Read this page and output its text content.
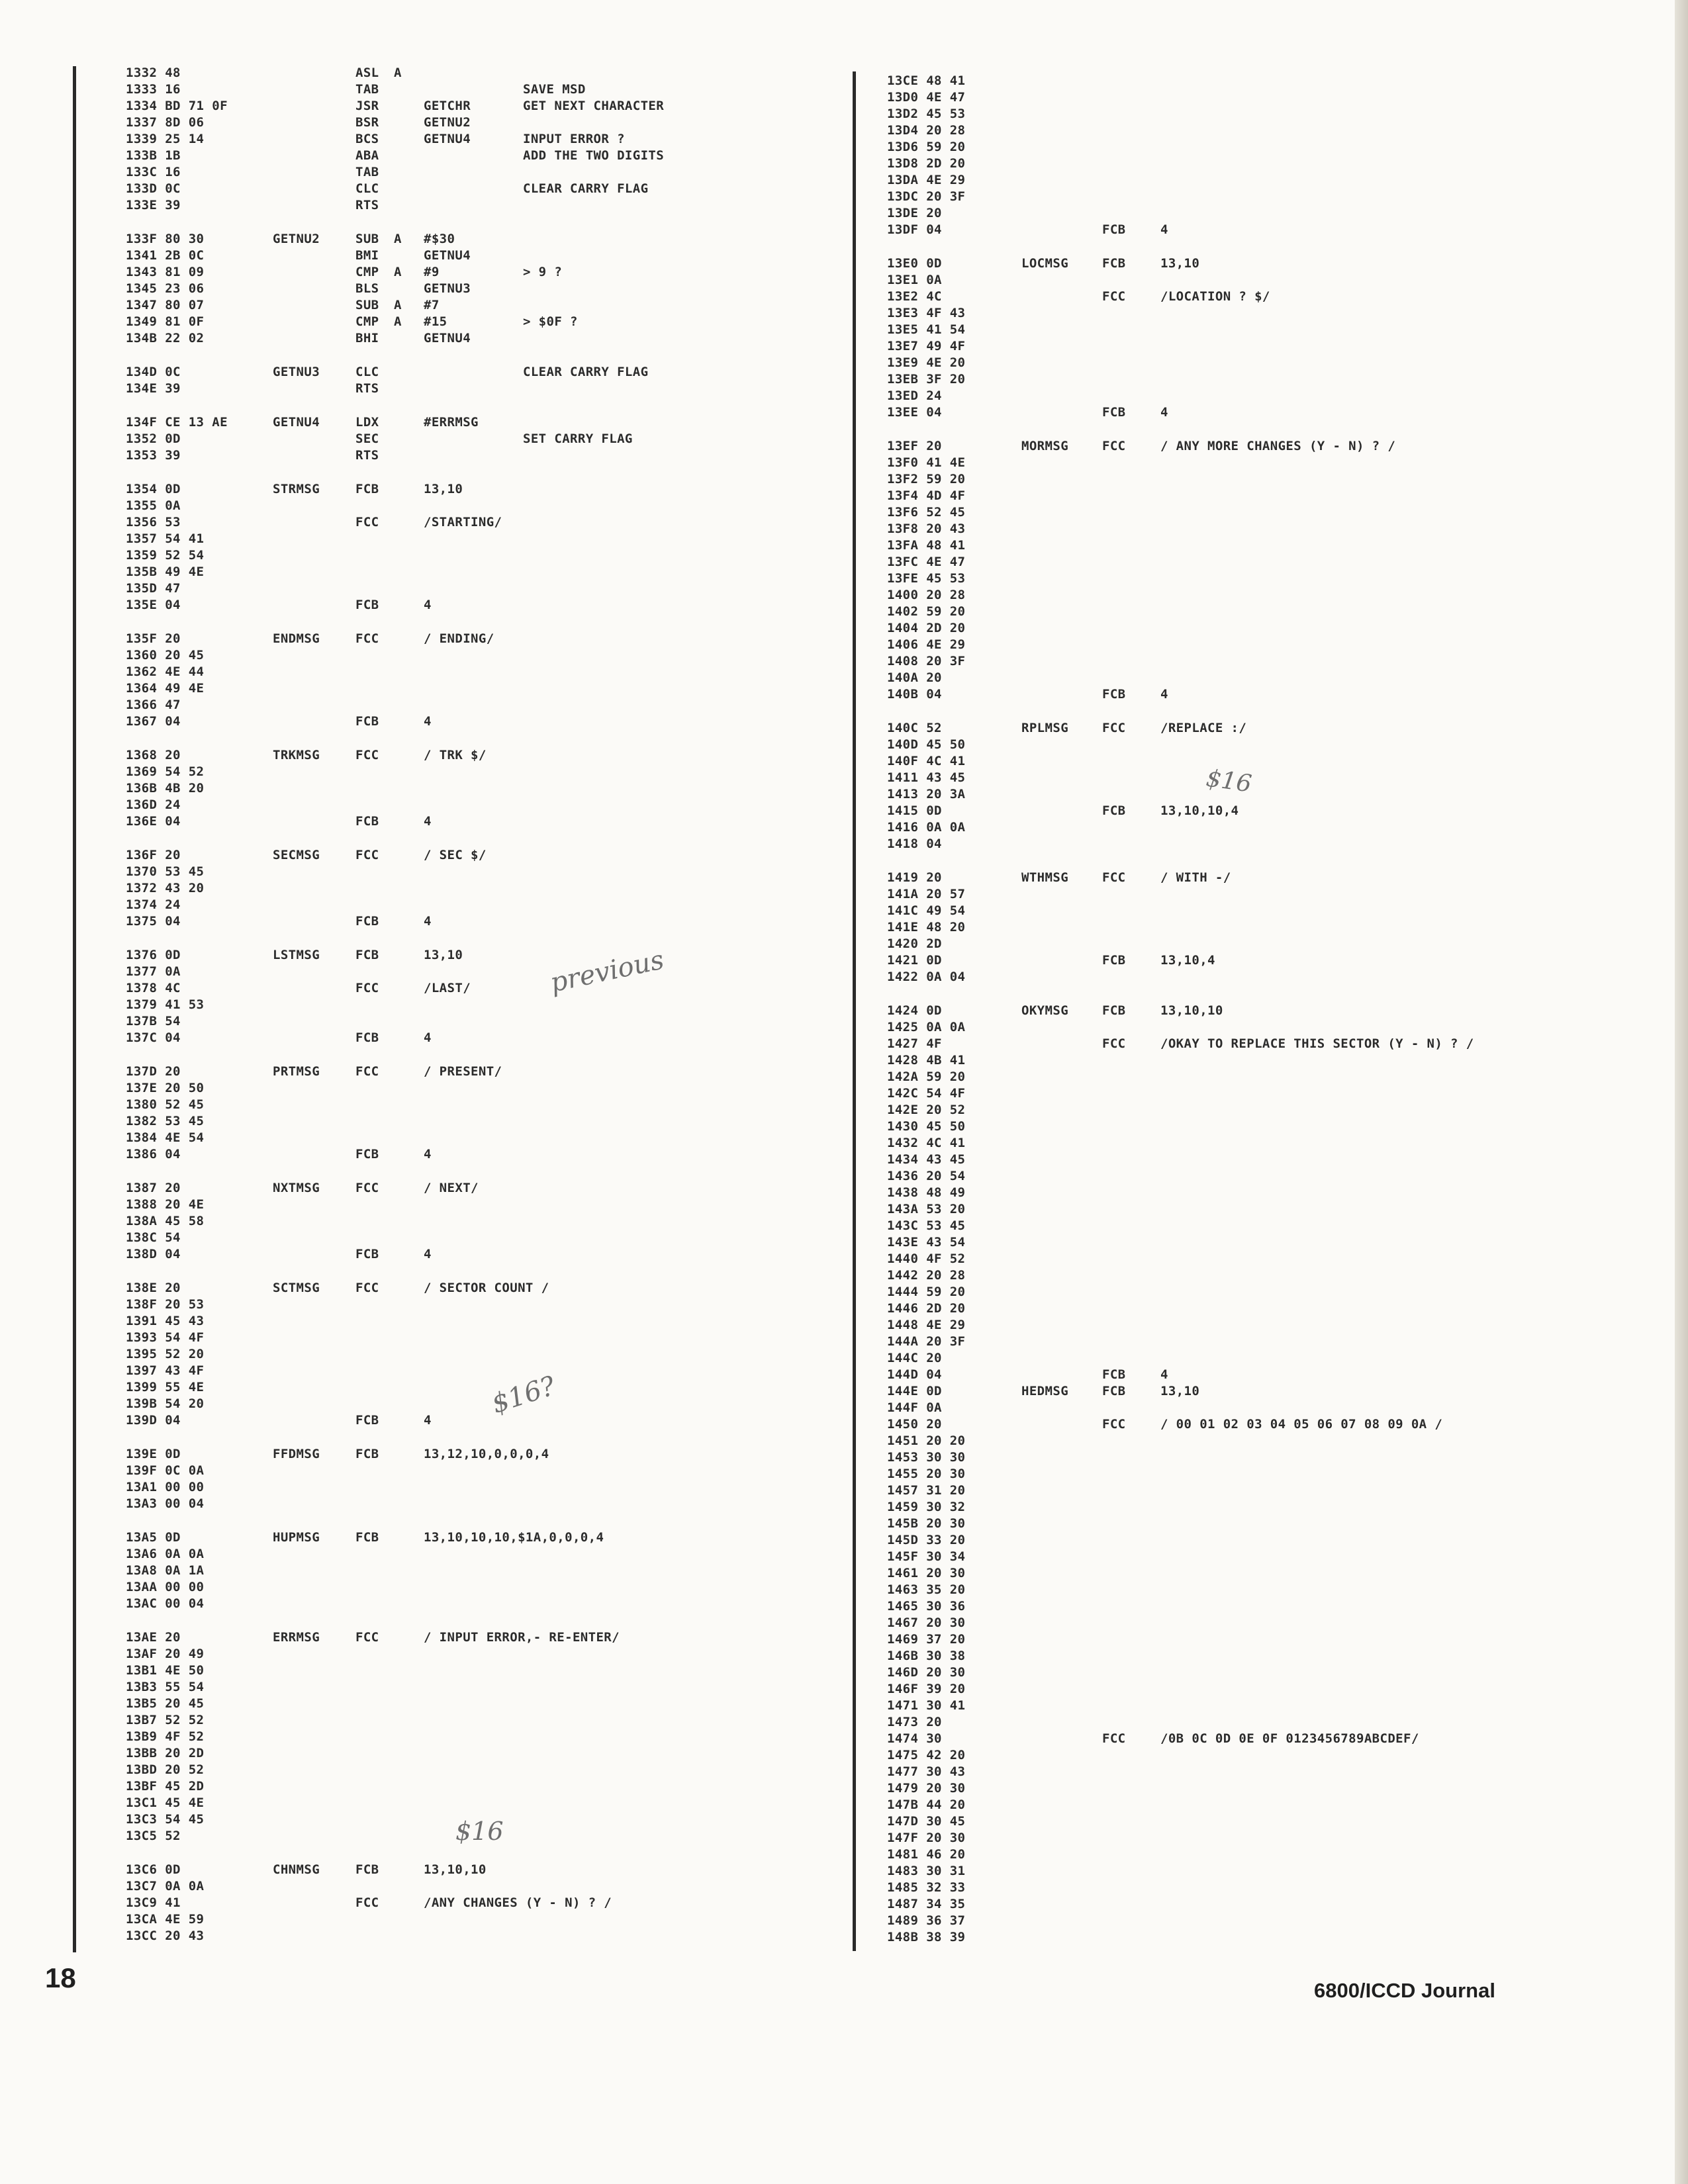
1332 48	ASL A
1333 16	TAB	SAVE MSD
1334 BD 71 0F	JSR	GETCHR	GET NEXT CHARACTER
1337 8D 06	BSR	GETNU2
1339 25 14	BCS	GETNU4	INPUT ERROR ?
133B 1B	ABA	ADD THE TWO DIGITS
133C 16	TAB
133D 0C	CLC	CLEAR CARRY FLAG
133E 39	RTS
133F 80 30	GETNU2	SUB A #$30
1341 2B 0C	BMI	GETNU4
1343 81 09	CMP A #9	> 9 ?
1345 23 06	BLS	GETNU3
1347 80 07	SUB A #7
1349 81 0F	CMP A #15	> $0F ?
134B 22 02	BHI	GETNU4
134D 0C	GETNU3	CLC	CLEAR CARRY FLAG
134E 39	RTS
134F CE 13 AE	GETNU4	LDX	#ERRMSG
1352 0D	SEC	SET CARRY FLAG
1353 39	RTS
1354 0D	STRMSG	FCB	13,10
1355 0A
1356 53	FCC	/STARTING/
1357 54 41
1359 52 54
135B 49 4E
135D 47
135E 04	FCB	4
135F 20	ENDMSG	FCC	/ ENDING/
1360 20 45
1362 4E 44
1364 49 4E
1366 47
1367 04	FCB	4
1368 20	TRKMSG	FCC	/ TRK $/
1369 54 52
136B 4B 20
136D 24
136E 04	FCB	4
136F 20	SECMSG	FCC	/ SEC $/
1370 53 45
1372 43 20
1374 24
1375 04	FCB	4
1376 0D	LSTMSG	FCB	13,10
1377 0A
1378 4C	FCC	/LAST/
1379 41 53
137B 54
137C 04	FCB	4
137D 20	PRTMSG	FCC	/ PRESENT/
137E 20 50
1380 52 45
1382 53 45
1384 4E 54
1386 04	FCB	4
1387 20	NXTMSG	FCC	/ NEXT/
1388 20 4E
138A 45 58
138C 54
138D 04	FCB	4
138E 20	SCTMSG	FCC	/ SECTOR COUNT /
138F 20 53
1391 45 43
1393 54 4F
1395 52 20
1397 43 4F
1399 55 4E
139B 54 20
139D 04	FCB	4
139E 0D	FFDMSG	FCB	13,12,10,0,0,0,4
139F 0C 0A
13A1 00 00
13A3 00 04
13A5 0D	HUPMSG	FCB	13,10,10,10,$1A,0,0,0,4
13A6 0A 0A
13A8 0A 1A
13AA 00 00
13AC 00 04
13AE 20	ERRMSG	FCC	/ INPUT ERROR,- RE-ENTER/
13AF 20 49
13B1 4E 50
13B3 55 54
13B5 20 45
13B7 52 52
13B9 4F 52
13BB 20 2D
13BD 20 52
13BF 45 2D
13C1 45 4E
13C3 54 45
13C5 52
13C6 0D	CHNMSG	FCB	13,10,10
13C7 0A 0A
13C9 41	FCC	/ANY CHANGES (Y - N) ? /
13CA 4E 59
13CC 20 43
13CE 48 41
13D0 4E 47
13D2 45 53
13D4 20 28
13D6 59 20
13D8 2D 20
13DA 4E 29
13DC 20 3F
13DE 20
13DF 04	FCB	4
13E0 0D	LOCMSG	FCB	13,10
13E1 0A
13E2 4C	FCC	/LOCATION ? $/
13E3 4F 43
13E5 41 54
13E7 49 4F
13E9 4E 20
13EB 3F 20
13ED 24
13EE 04	FCB	4
13EF 20	MORMSG	FCC	/ ANY MORE CHANGES (Y - N) ? /
13F0 41 4E
13F2 59 20
13F4 4D 4F
13F6 52 45
13F8 20 43
13FA 48 41
13FC 4E 47
13FE 45 53
1400 20 28
1402 59 20
1404 2D 20
1406 4E 29
1408 20 3F
140A 20
140B 04	FCB	4
140C 52	RPLMSG	FCC	/REPLACE :/
140D 45 50
140F 4C 41
1411 43 45
1413 20 3A
1415 0D	FCB	13,10,10,4
1416 0A 0A
1418 04
1419 20	WTHMSG	FCC	/ WITH -/
141A 20 57
141C 49 54
141E 48 20
1420 2D
1421 0D	FCB	13,10,4
1422 0A 04
1424 0D	OKYMSG	FCB	13,10,10
1425 0A 0A
1427 4F	FCC	/OKAY TO REPLACE THIS SECTOR (Y - N) ? /
1428 4B 41
142A 59 20
142C 54 4F
142E 20 52
1430 45 50
1432 4C 41
1434 43 45
1436 20 54
1438 48 49
143A 53 20
143C 53 45
143E 43 54
1440 4F 52
1442 20 28
1444 59 20
1446 2D 20
1448 4E 29
144A 20 3F
144C 20
144D 04	FCB	4
144E 0D	HEDMSG	FCB	13,10
144F 0A
1450 20	FCC	/ 00 01 02 03 04 05 06 07 08 09 0A /
1451 20 20
1453 30 30
1455 20 30
1457 31 20
1459 30 32
145B 20 30
145D 33 20
145F 30 34
1461 20 30
1463 35 20
1465 30 36
1467 20 30
1469 37 20
146B 30 38
146D 20 30
146F 39 20
1471 30 41
1473 20
1474 30	FCC	/0B 0C 0D 0E 0F 0123456789ABCDEF/
1475 42 20
1477 30 43
1479 20 30
147B 44 20
147D 30 45
147F 20 30
1481 46 20
1483 30 31
1485 32 33
1487 34 35
1489 36 37
148B 38 39
previous
$16
$16?
$16
18	6800/ICCD Journal
